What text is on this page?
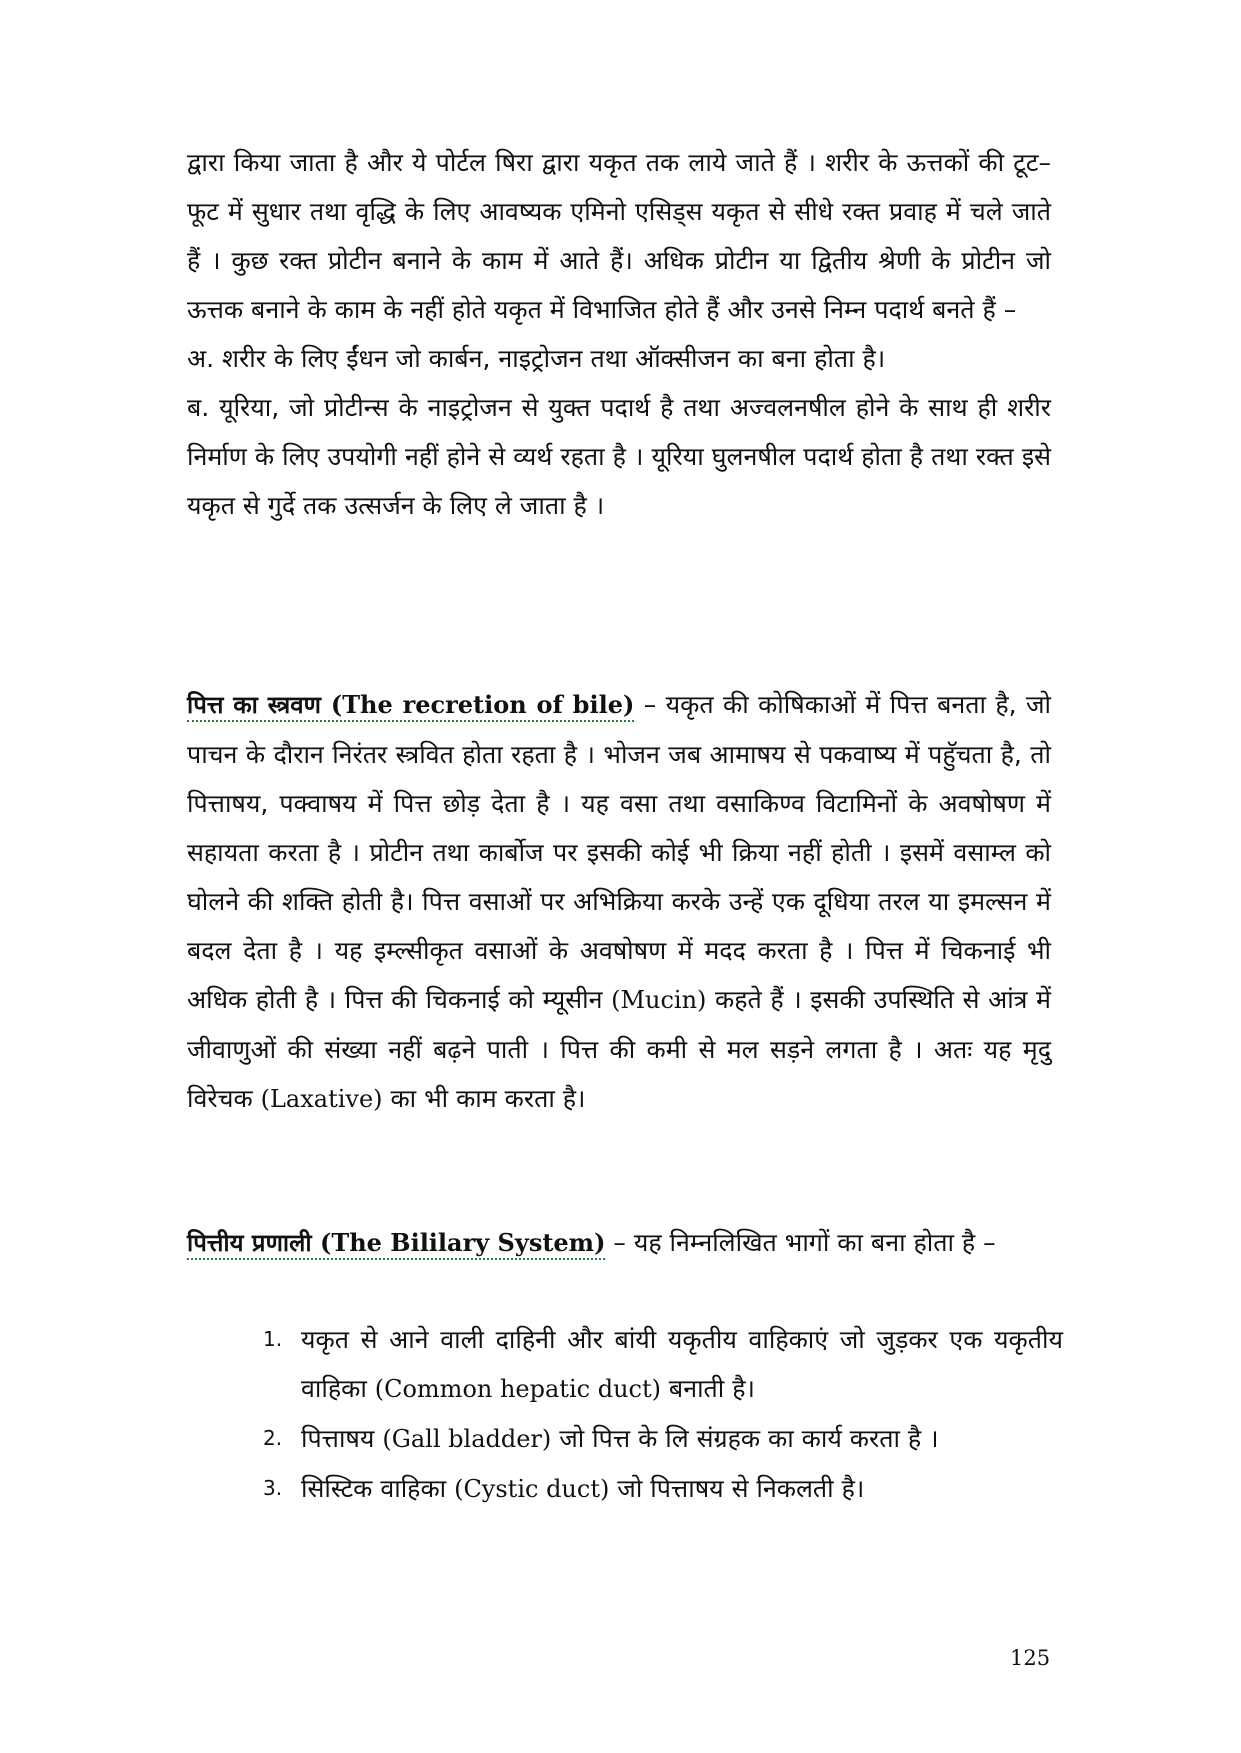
द्वारा किया जाता है और ये पोर्टल षिरा द्वारा यकृत तक लाये जाते हैं । शरीर के ऊत्तकों की टूट–फूट में सुधार तथा वृद्धि के लिए आवष्यक एमिनो एसिड्स यकृत से सीधे रक्त प्रवाह में चले जाते हैं । कुछ रक्त प्रोटीन बनाने के काम में आते हैं। अधिक प्रोटीन या द्वितीय श्रेणी के प्रोटीन जो ऊत्तक बनाने के काम के नहीं होते यकृत में विभाजित होते हैं और उनसे निम्न पदार्थ बनते हैं –

अ. शरीर के लिए ईंधन जो कार्बन, नाइट्रोजन तथा ऑक्सीजन का बना होता है।

ब. यूरिया, जो प्रोटीन्स के नाइट्रोजन से युक्त पदार्थ है तथा अज्वलनषील होने के साथ ही शरीर निर्माण के लिए उपयोगी नहीं होने से व्यर्थ रहता है । यूरिया घुलनषील पदार्थ होता है तथा रक्त इसे यकृत से गुर्दे तक उत्सर्जन के लिए ले जाता है ।

पित्त का स्त्रवण (The recretion of bile) – यकृत की कोषिकाओं में पित्त बनता है, जो पाचन के दौरान निरंतर स्त्रवित होता रहता है । भोजन जब आमाषय से पकवाष्य में पहुॅचता है, तो पित्ताषय, पक्वाषय में पित्त छोड़ देता है । यह वसा तथा वसाकिण्व विटामिनों के अवषोषण में सहायता करता है । प्रोटीन तथा कार्बोज पर इसकी कोई भी क्रिया नहीं होती । इसमें वसाम्ल को घोलने की शक्ति होती है। पित्त वसाओं पर अभिक्रिया करके उन्हें एक दूधिया तरल या इमल्सन में बदल देता है । यह इम्ल्सीकृत वसाओं के अवषोषण में मदद करता है । पित्त में चिकनाई भी अधिक होती है । पित्त की चिकनाई को म्यूसीन (Mucin) कहते हैं । इसकी उपस्थिति से आंत्र में जीवाणुओं की संख्या नहीं बढ़ने पाती । पित्त की कमी से मल सड़ने लगता है । अतः यह मृदु विरेचक (Laxative) का भी काम करता है।

पित्तीय प्रणाली (The Bililary System) – यह निम्नलिखित भागों का बना होता है –

1. यकृत से आने वाली दाहिनी और बांयी यकृतीय वाहिकाएं जो जुड़कर एक यकृतीय वाहिका (Common hepatic duct) बनाती है।
2. पित्ताषय (Gall bladder) जो पित्त के लि संग्रहक का कार्य करता है ।
3. सिस्टिक वाहिका (Cystic duct) जो पित्ताषय से निकलती है।
125
